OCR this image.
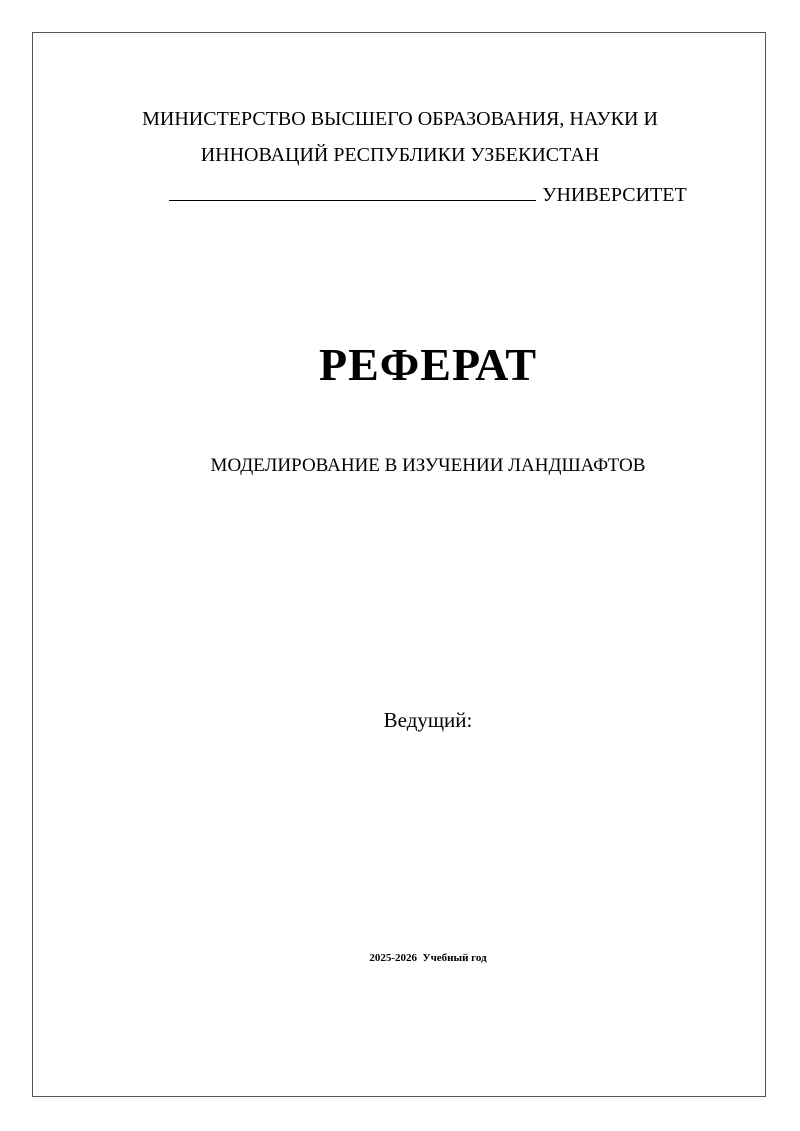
МИНИСТЕРСТВО ВЫСШЕГО ОБРАЗОВАНИЯ, НАУКИ И
ИННОВАЦИЙ РЕСПУБЛИКИ УЗБЕКИСТАН
УНИВЕРСИТЕТ
РЕФЕРАТ
МОДЕЛИРОВАНИЕ В ИЗУЧЕНИИ ЛАНДШАФТОВ
Ведущий:
2025-2026  Учебный год
